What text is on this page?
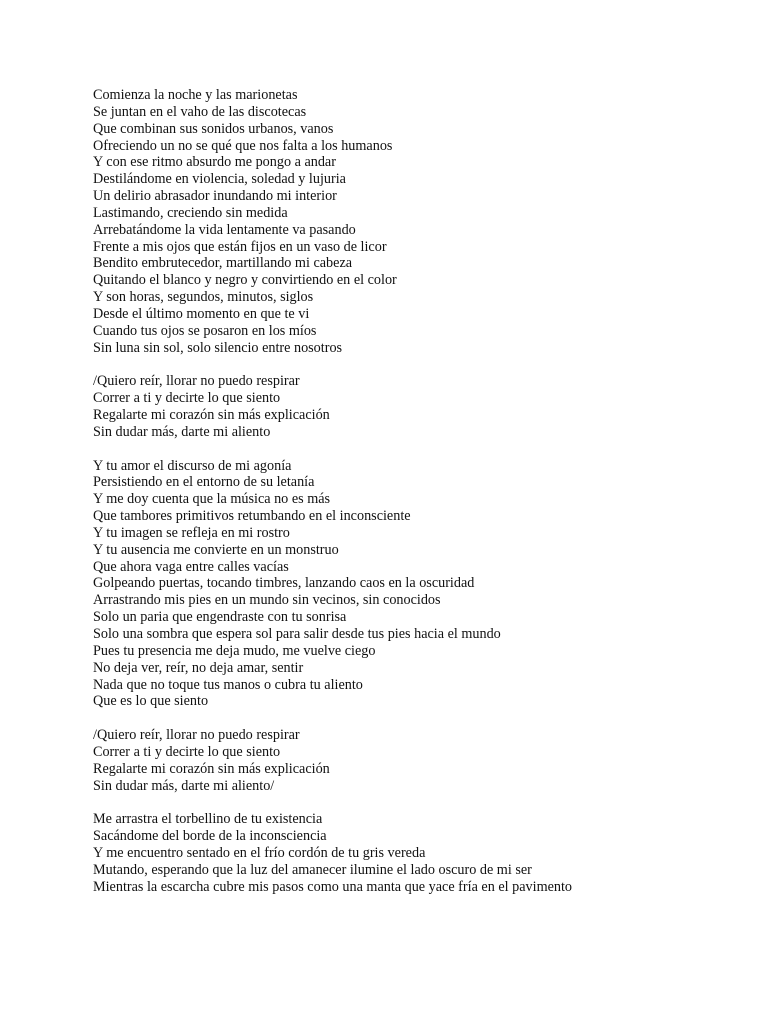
Comienza la noche y las marionetas
Se juntan en el vaho de las discotecas
Que combinan sus sonidos urbanos, vanos
Ofreciendo un no se qué que nos falta a los humanos
Y con ese ritmo absurdo me pongo a andar
Destilándome en violencia, soledad y lujuria
Un delirio abrasador inundando mi interior
Lastimando, creciendo sin medida
Arrebatándome la vida lentamente va pasando
Frente a mis ojos que están fijos en un vaso de licor
Bendito embrutecedor, martillando mi cabeza
Quitando el blanco y negro y convirtiendo en el color
Y son horas, segundos, minutos, siglos
Desde el último momento en que te vi
Cuando tus ojos se posaron en los míos
Sin luna sin sol, solo silencio entre nosotros
/Quiero reír, llorar no puedo respirar
Correr a ti y decirte lo que siento
Regalarte mi corazón sin más explicación
Sin dudar más, darte mi aliento
Y tu amor el discurso de mi agonía
Persistiendo en el entorno de su letanía
Y me doy cuenta que la música no es más
Que tambores primitivos retumbando en el inconsciente
Y tu imagen se refleja en mi rostro
Y tu ausencia me convierte en un monstruo
Que ahora vaga entre calles vacías
Golpeando puertas, tocando timbres, lanzando caos en la oscuridad
Arrastrando mis pies en un mundo sin vecinos, sin conocidos
Solo un paria que engendraste con tu sonrisa
Solo una sombra que espera sol para salir desde tus pies hacia el mundo
Pues tu presencia me deja mudo, me vuelve ciego
No deja ver, reír, no deja amar, sentir
Nada que no toque tus manos o cubra tu aliento
Que es lo que siento
/Quiero reír, llorar no puedo respirar
Correr a ti y decirte lo que siento
Regalarte mi corazón sin más explicación
Sin dudar más, darte mi aliento/
Me arrastra el torbellino de tu existencia
Sacándome del borde de la inconsciencia
Y me encuentro sentado en el frío cordón de tu gris vereda
Mutando, esperando que la luz del amanecer ilumine el lado oscuro de mi ser
Mientras la escarcha cubre mis pasos como una manta que yace fría en el pavimento
